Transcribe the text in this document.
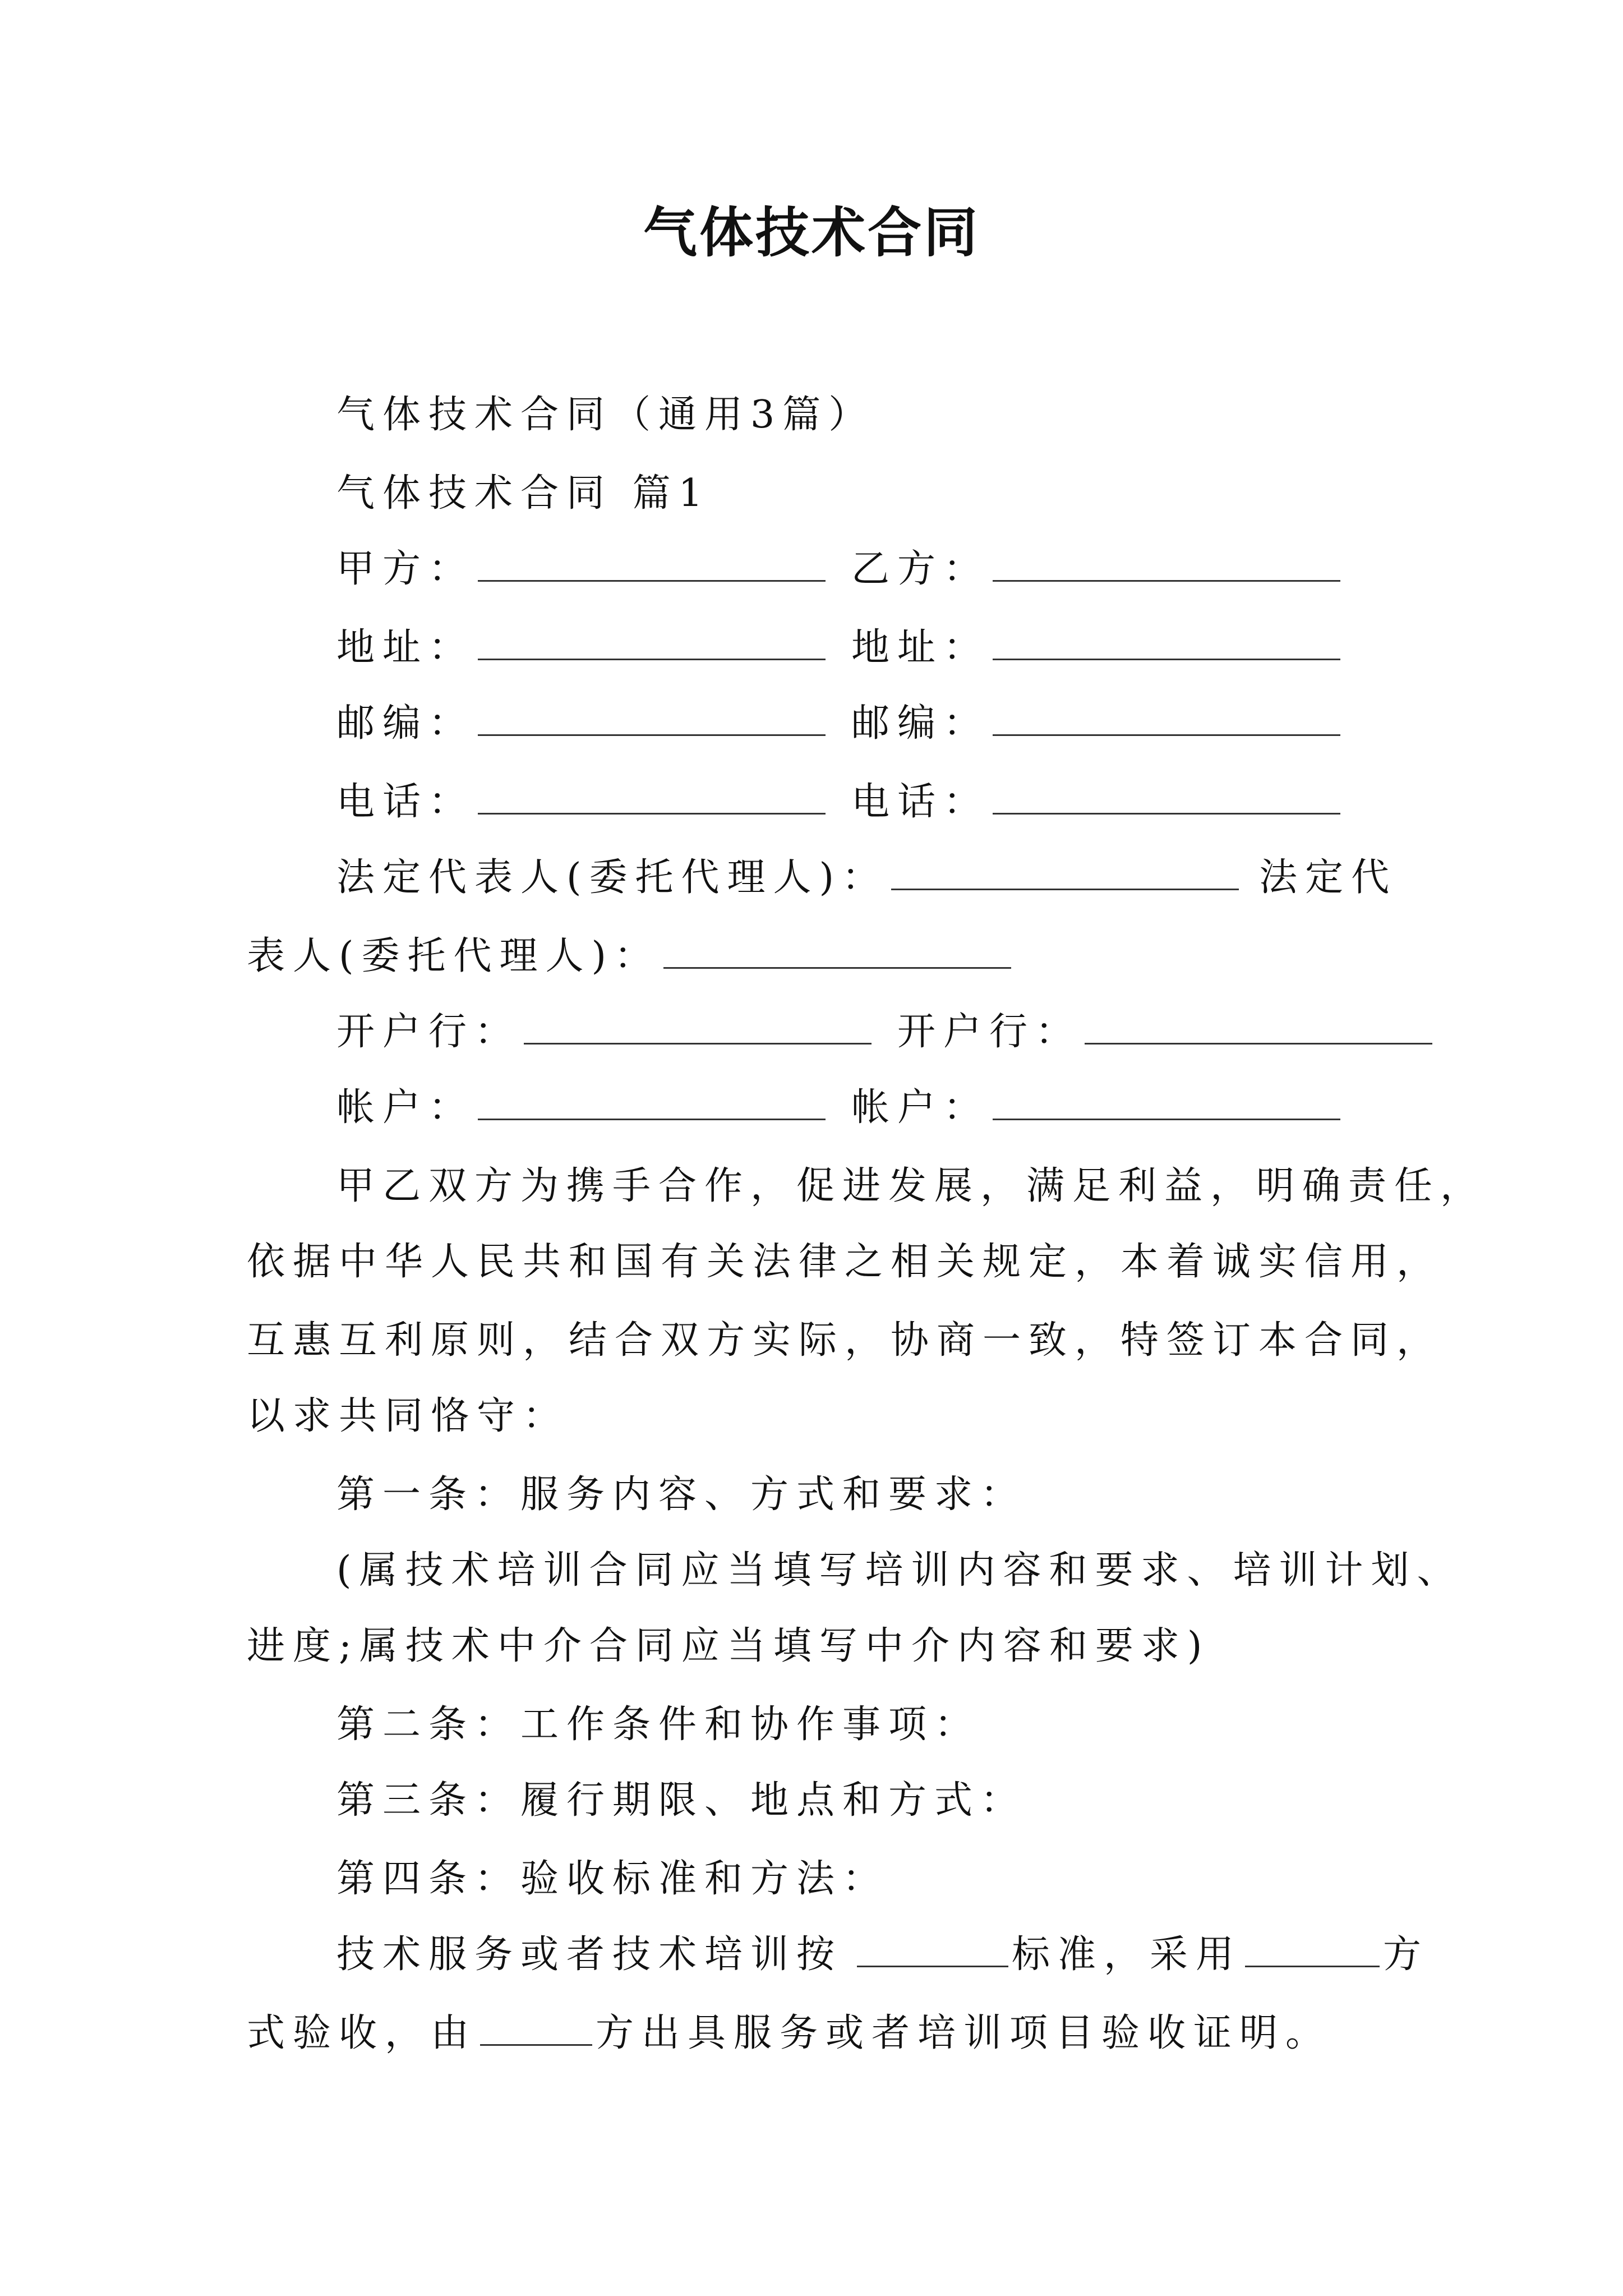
气体技术合同
气体技术合同（通用3篇）
气体技术合同 篇1
甲方：	乙方：
地址：	地址：
邮编：	邮编：
电话：	电话：
法定代表人(委托代理人)：	法定代
表人(委托代理人)：
开户行：	开户行：
帐户：	帐户：
甲乙双方为携手合作，促进发展，满足利益，明确责任，
依据中华人民共和国有关法律之相关规定，本着诚实信用，
互惠互利原则，结合双方实际，协商一致，特签订本合同，
以求共同恪守：
第一条：服务内容、方式和要求：
(属技术培训合同应当填写培训内容和要求、培训计划、
进度;属技术中介合同应当填写中介内容和要求)
第二条：工作条件和协作事项：
第三条：履行期限、地点和方式：
第四条：验收标准和方法：
技术服务或者技术培训按	标准，采用	方
式验收，由	方出具服务或者培训项目验收证明。
